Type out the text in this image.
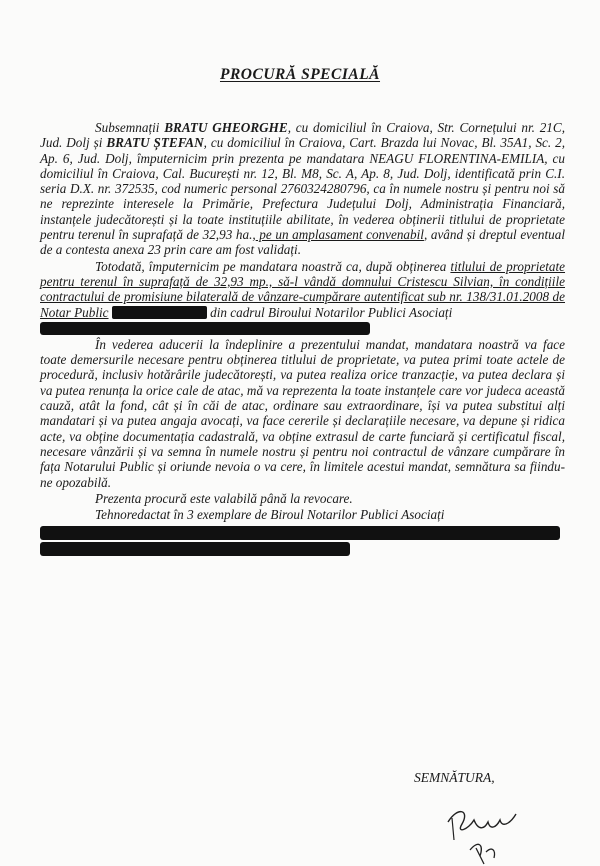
PROCURĂ SPECIALĂ

Subsemnații BRATU GHEORGHE, cu domiciliul în Craiova, Str. Cornețului nr. 21C, Jud. Dolj și BRATU ȘTEFAN, cu domiciliul în Craiova, Cart. Brazda lui Novac, Bl. 35A1, Sc. 2, Ap. 6, Jud. Dolj, împuternicim prin prezenta pe mandatara NEAGU FLORENTINA-EMILIA, cu domiciliul în Craiova, Cal. București nr. 12, Bl. M8, Sc. A, Ap. 8, Jud. Dolj, identificată prin C.I. seria D.X. nr. 372535, cod numeric personal 2760324280796, ca în numele nostru și pentru noi să ne reprezinte interesele la Primărie, Prefectura Județului Dolj, Administrația Financiară, instanțele judecătorești și la toate instituțiile abilitate, în vederea obținerii titlului de proprietate pentru terenul în suprafață de 32,93 ha., pe un amplasament convenabil, având și dreptul eventual de a contesta anexa 23 prin care am fost validați.

Totodată, împuternicim pe mandatara noastră ca, după obținerea titlului de proprietate pentru terenul în suprafață de 32,93 mp., să-l vândă domnului Cristescu Silvian, în condițiile contractului de promisiune bilaterală de vânzare-cumpărare autentificat sub nr. 138/31.01.2008 de Notar Public	din cadrul Biroului Notarilor Publici Asociați

În vederea aducerii la îndeplinire a prezentului mandat, mandatara noastră va face toate demersurile necesare pentru obținerea titlului de proprietate, va putea primi toate actele de procedură, inclusiv hotărârile judecătorești, va putea realiza orice tranzacție, va putea declara și va putea renunța la orice cale de atac, mă va reprezenta la toate instanțele care vor judeca această cauză, atât la fond, cât și în căi de atac, ordinare sau extraordinare, își va putea substitui alți mandatari și va putea angaja avocați, va face cererile și declarațiile necesare, va depune și ridica acte, va obține documentația cadastrală, va obține extrasul de carte funciară și certificatul fiscal, necesare vânzării și va semna în numele nostru și pentru noi contractul de vânzare cumpărare în fața Notarului Public și oriunde nevoia o va cere, în limitele acestui mandat, semnătura sa fiindu-ne opozabilă.

Prezenta procură este valabilă până la revocare.

Tehnoredactat în 3 exemplare de Biroul Notarilor Publici Asociați

SEMNĂTURA,
